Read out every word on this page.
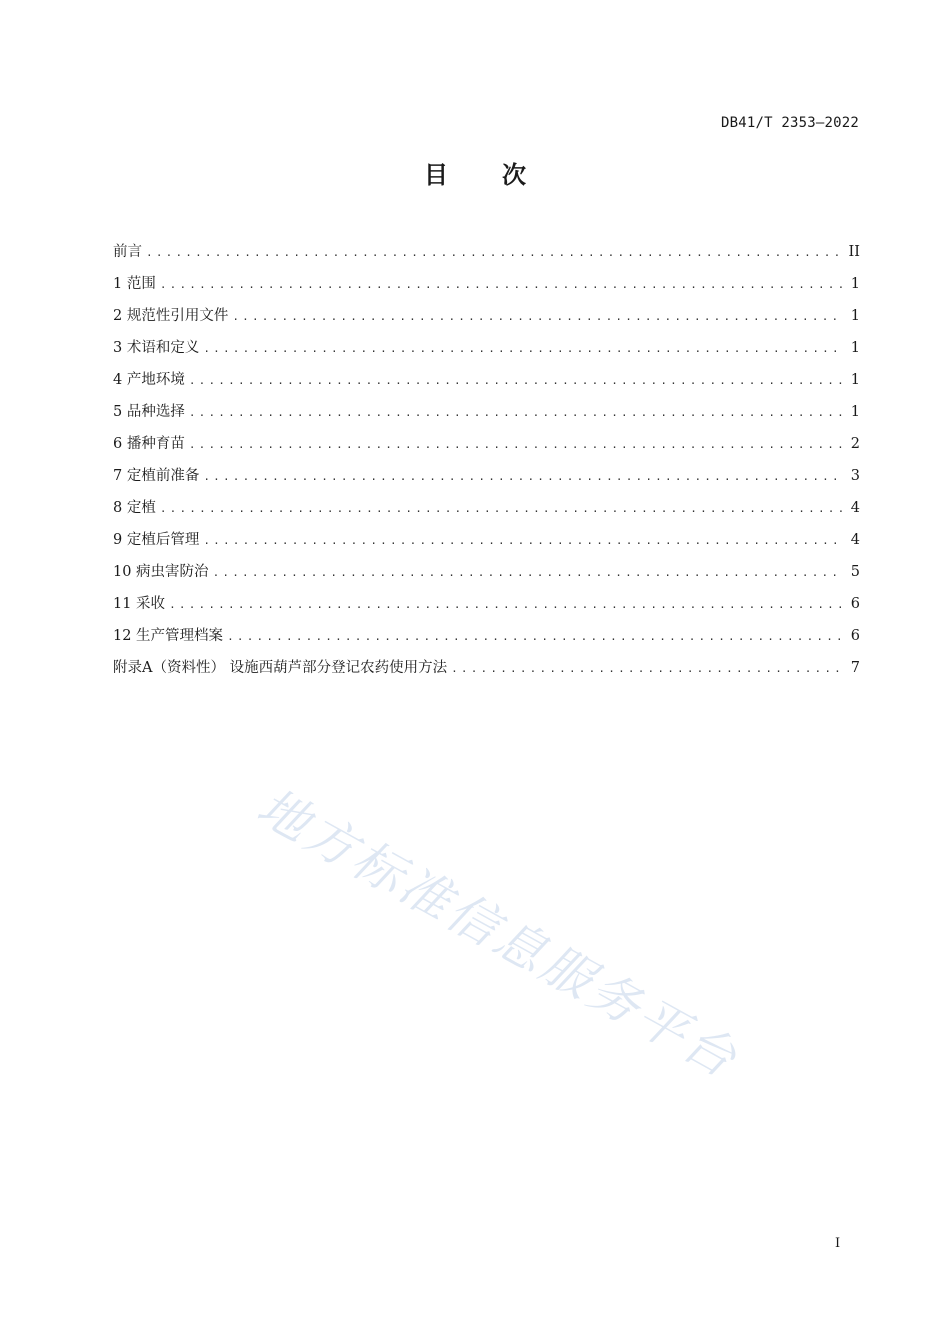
DB41/T 2353—2022
目 次
前言 .....	II
1 范围 .....	1
2 规范性引用文件 .....	1
3 术语和定义 .....	1
4 产地环境 .....	1
5 品种选择 .....	1
6 播种育苗 .....	2
7 定植前准备 .....	3
8 定植 .....	4
9 定植后管理 .....	4
10 病虫害防治 .....	5
11 采收 .....	6
12 生产管理档案 .....	6
附录A（资料性） 设施西葫芦部分登记农药使用方法 .....	7
地方标准信息服务平台
I
